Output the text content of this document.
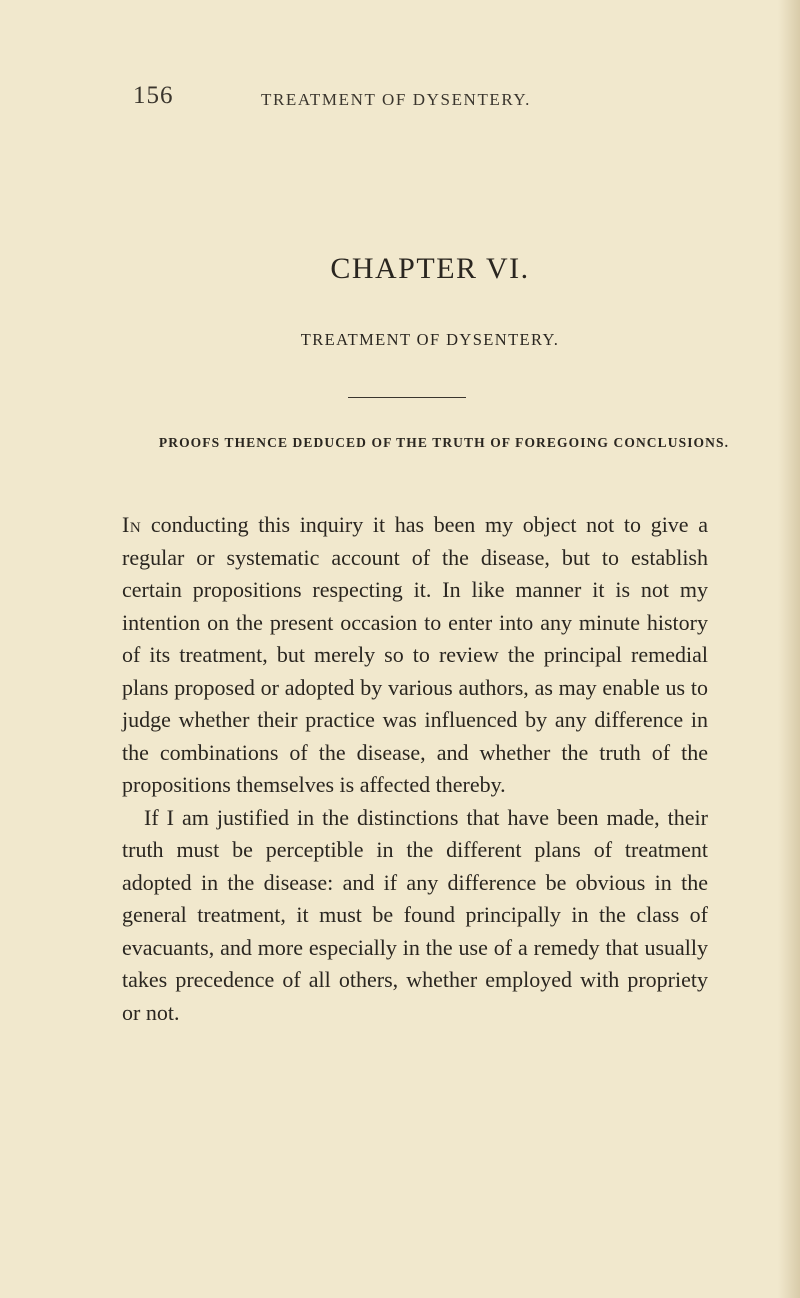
156	TREATMENT OF DYSENTERY.
CHAPTER VI.
TREATMENT OF DYSENTERY.
PROOFS THENCE DEDUCED OF THE TRUTH OF FOREGOING CONCLUSIONS.

In conducting this inquiry it has been my object not to give a regular or systematic account of the disease, but to establish certain propositions respecting it. In like manner it is not my intention on the present occasion to enter into any minute history of its treatment, but merely so to review the principal remedial plans proposed or adopted by various authors, as may enable us to judge whether their practice was influenced by any difference in the combinations of the disease, and whether the truth of the propositions themselves is affected thereby.

If I am justified in the distinctions that have been made, their truth must be perceptible in the different plans of treatment adopted in the disease: and if any difference be obvious in the general treatment, it must be found principally in the class of evacuants, and more especially in the use of a remedy that usually takes precedence of all others, whether employed with propriety or not.
